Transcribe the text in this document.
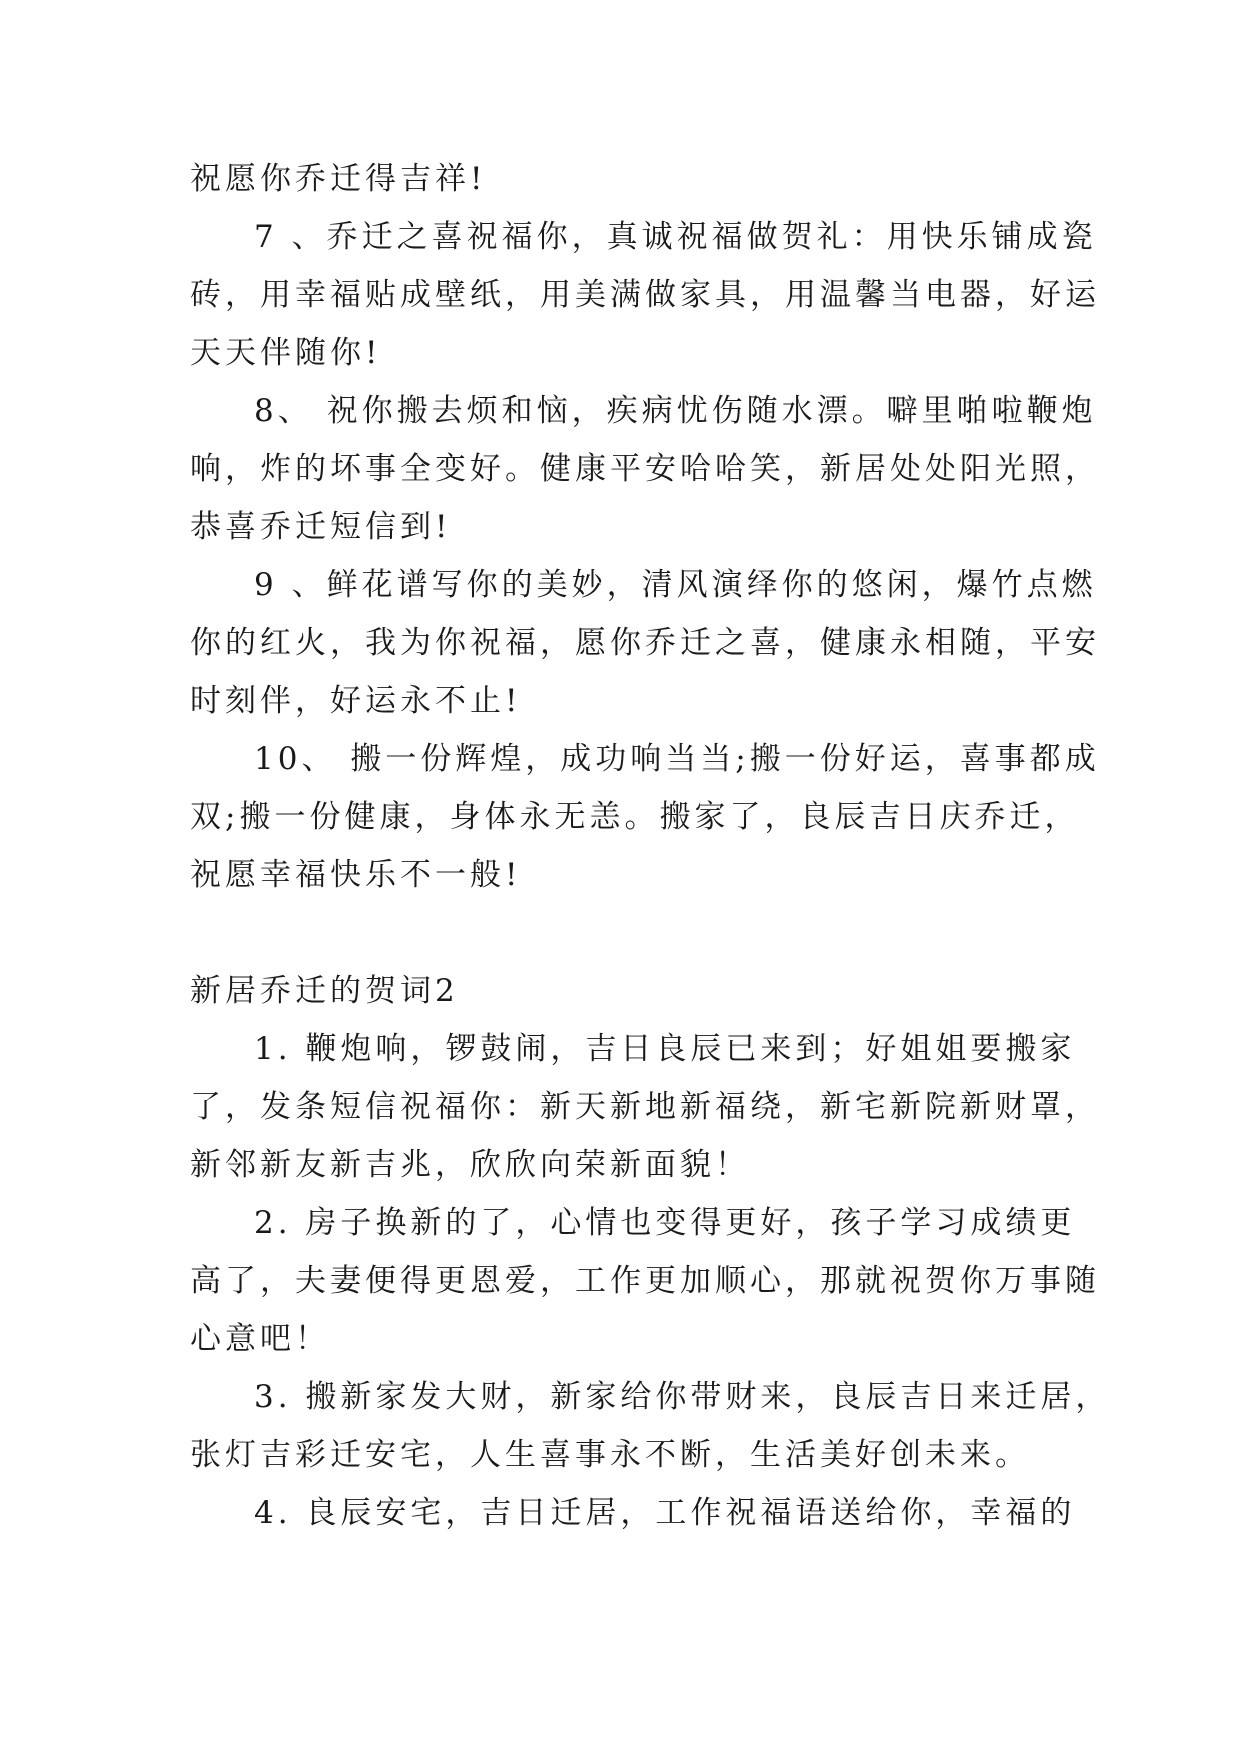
祝愿你乔迁得吉祥!
7 、乔迁之喜祝福你，真诚祝福做贺礼：用快乐铺成瓷
砖，用幸福贴成壁纸，用美满做家具，用温馨当电器，好运
天天伴随你!
8、 祝你搬去烦和恼，疾病忧伤随水漂。噼里啪啦鞭炮
响，炸的坏事全变好。健康平安哈哈笑，新居处处阳光照，
恭喜乔迁短信到!
9 、鲜花谱写你的美妙，清风演绎你的悠闲，爆竹点燃
你的红火，我为你祝福，愿你乔迁之喜，健康永相随，平安
时刻伴，好运永不止!
10、 搬一份辉煌，成功响当当;搬一份好运，喜事都成
双;搬一份健康，身体永无恙。搬家了，良辰吉日庆乔迁，
祝愿幸福快乐不一般!
新居乔迁的贺词2
1. 鞭炮响，锣鼓闹，吉日良辰已来到；好姐姐要搬家
了，发条短信祝福你：新天新地新福绕，新宅新院新财罩，
新邻新友新吉兆，欣欣向荣新面貌！
2. 房子换新的了，心情也变得更好，孩子学习成绩更
高了，夫妻便得更恩爱，工作更加顺心，那就祝贺你万事随
心意吧！
3. 搬新家发大财，新家给你带财来，良辰吉日来迁居，
张灯吉彩迁安宅，人生喜事永不断，生活美好创未来。
4. 良辰安宅，吉日迁居，工作祝福语送给你，幸福的
